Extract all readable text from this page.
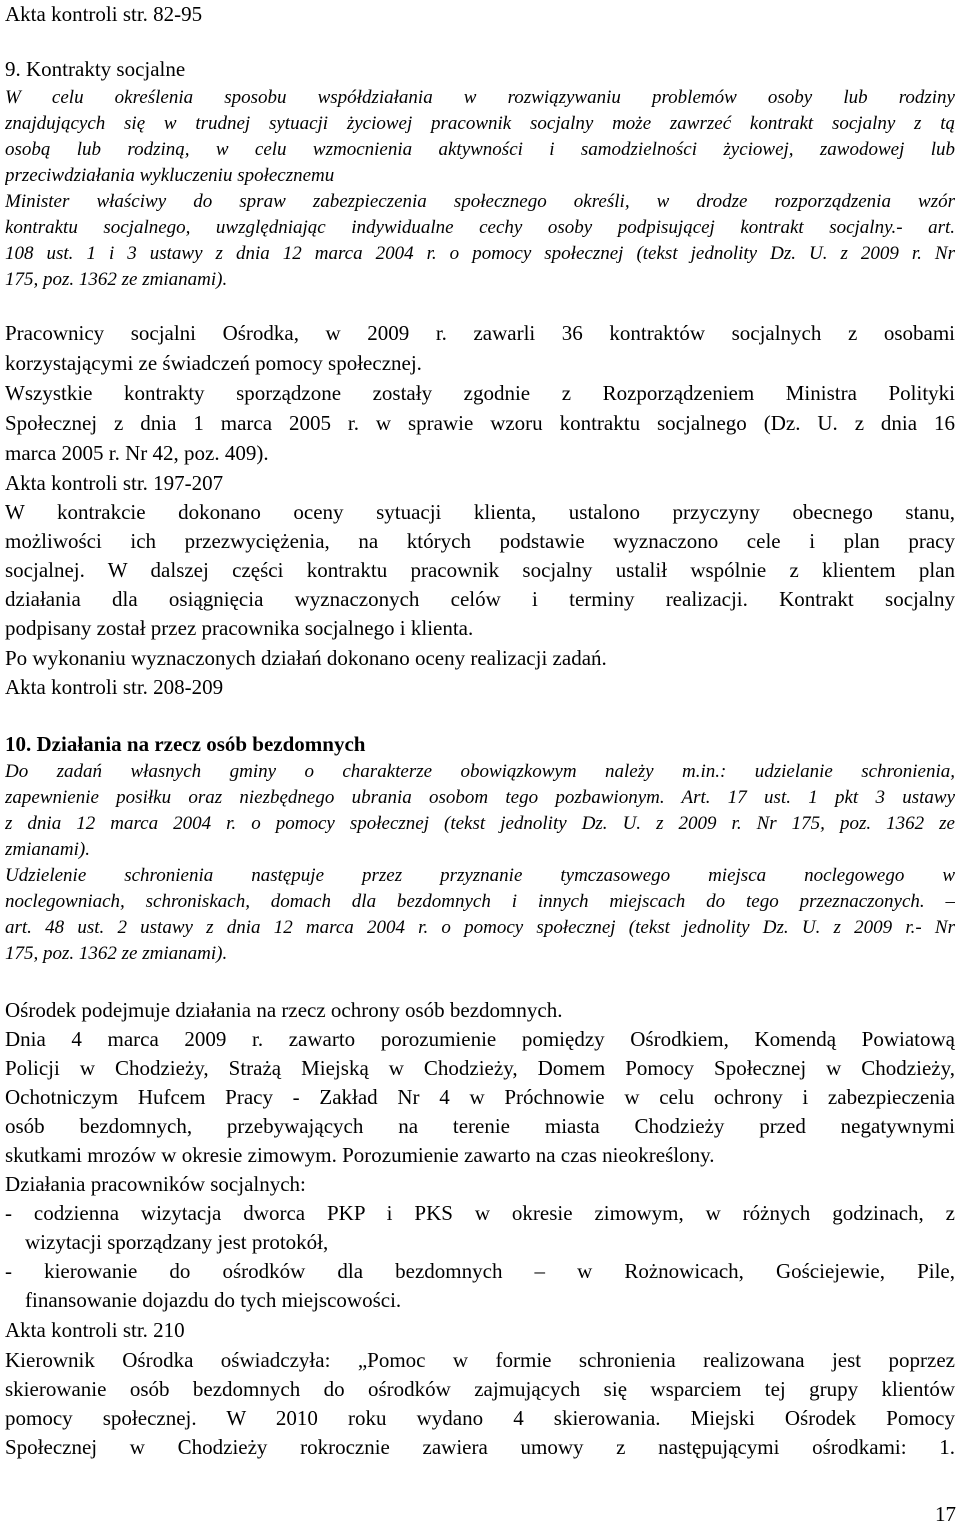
Akta kontroli str. 82-95
9. Kontrakty socjalne
W celu określenia sposobu współdziałania w rozwiązywaniu problemów osoby lub rodziny
znajdujących się w trudnej sytuacji życiowej pracownik socjalny może zawrzeć kontrakt socjalny z tą
osobą lub rodziną, w celu wzmocnienia aktywności i samodzielności życiowej, zawodowej lub
przeciwdziałania wykluczeniu społecznemu
Minister właściwy do spraw zabezpieczenia społecznego określi, w drodze rozporządzenia wzór
kontraktu socjalnego, uwzględniając indywidualne cechy osoby podpisującej kontrakt socjalny.- art.
108 ust. 1 i 3 ustawy z dnia 12 marca 2004 r. o pomocy społecznej (tekst jednolity Dz. U. z 2009 r. Nr
175, poz. 1362 ze zmianami).
Pracownicy socjalni Ośrodka, w 2009 r. zawarli 36 kontraktów socjalnych z osobami
korzystającymi ze świadczeń pomocy społecznej.
Wszystkie kontrakty sporządzone zostały zgodnie z Rozporządzeniem Ministra Polityki
Społecznej z dnia 1 marca 2005 r. w sprawie wzoru kontraktu socjalnego (Dz. U. z dnia 16
marca 2005 r. Nr 42, poz. 409).
Akta kontroli str. 197-207
W kontrakcie dokonano oceny sytuacji klienta, ustalono przyczyny obecnego stanu,
możliwości ich przezwyciężenia, na których podstawie wyznaczono cele i plan pracy
socjalnej. W dalszej części kontraktu pracownik socjalny ustalił wspólnie z klientem plan
działania dla osiągnięcia wyznaczonych celów i terminy realizacji. Kontrakt socjalny
podpisany został przez pracownika socjalnego i klienta.
Po wykonaniu wyznaczonych działań dokonano oceny realizacji zadań.
Akta kontroli str. 208-209
10. Działania na rzecz osób bezdomnych
Do zadań własnych gminy o charakterze obowiązkowym należy m.in.: udzielanie schronienia,
zapewnienie posiłku oraz niezbędnego ubrania osobom tego pozbawionym. Art. 17 ust. 1 pkt 3 ustawy
z dnia 12 marca 2004 r. o pomocy społecznej (tekst jednolity Dz. U. z 2009 r. Nr 175, poz. 1362 ze
zmianami).
Udzielenie schronienia następuje przez przyznanie tymczasowego miejsca noclegowego w
noclegowniach, schroniskach, domach dla bezdomnych i innych miejscach do tego przeznaczonych. –
art. 48 ust. 2 ustawy z dnia 12 marca 2004 r. o pomocy społecznej (tekst jednolity Dz. U. z 2009 r.- Nr
175, poz. 1362 ze zmianami).
Ośrodek podejmuje działania na rzecz ochrony osób bezdomnych.
Dnia 4 marca 2009 r. zawarto porozumienie pomiędzy Ośrodkiem, Komendą Powiatową
Policji w Chodzieży, Strażą Miejską w Chodzieży, Domem Pomocy Społecznej w Chodzieży,
Ochotniczym Hufcem Pracy - Zakład Nr 4 w Próchnowie w celu ochrony i zabezpieczenia
osób bezdomnych, przebywających na terenie miasta Chodzieży przed negatywnymi
skutkami mrozów w okresie zimowym. Porozumienie zawarto na czas nieokreślony.
Działania pracowników socjalnych:
- codzienna wizytacja dworca PKP i PKS w okresie zimowym, w różnych godzinach, z
wizytacji sporządzany jest protokół,
- kierowanie do ośrodków dla bezdomnych – w Rożnowicach, Gościejewie, Pile,
finansowanie dojazdu do tych miejscowości.
Akta kontroli str. 210
Kierownik Ośrodka oświadczyła: „Pomoc w formie schronienia realizowana jest poprzez
skierowanie osób bezdomnych do ośrodków zajmujących się wsparciem tej grupy klientów
pomocy społecznej. W 2010 roku wydano 4 skierowania. Miejski Ośrodek Pomocy
Społecznej w Chodzieży rokrocznie zawiera umowy z następującymi ośrodkami: 1.
17
